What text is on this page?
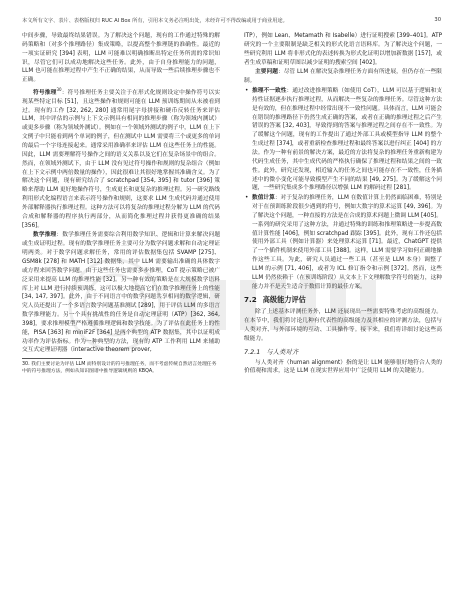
本文所有文字、表片、表格版权归 RUC AI Box 所有，引用本文务必注明出处，未经许可不得改编或用于商业用途。	30

中间步骤，导致最终结果错误。为了解决这个问题，现有的工作通过特殊的解码策略和（对多个推理路径）集成策略，以提高整个推理链的准确性。最近的一项实证研究 [394] 表明，LLM 可能难以明确推断出特定任务所需的常识知识，尽管它们可以成功地解决这些任务。此外，由于自身推理能力的问题，LLM 也可能在推理过程中产生不正确的结果，从而导致一些后续推理步骤也不正确。

符号推理$^{30}$：符号推理任务主要关注于在形式化规则设定中操作符号以实现某些特定目标 [51]，且这些操作和规则可能在 LLM 预训练期间从未被看到过。现有的工作 [32, 262, 280] 通常用尾字母拼接和硬币反转任务来评估 LLM，其中评估的示例与上下文示例具有相同的推理步骤（称为领域内测试）或更多步骤（称为领域外测试）。例如在一个领域外测试的例子中，LLM 在上下文例子中只能看到两个单词的例子，但在测试中 LLM 需要将三个或更多的单词的最后一个字母连接起来。通常采用准确率来评估 LLM 在这些任务上的性能。因此，LLM 需要理解符号操作之间的语义关系以及它们在复杂场景中的组合。然而，在领域外测试下，由于 LLM 没有见过符号操作和规则的复杂组合（例如在上下文示例中两倍数量的操作），因此很难让其很好地掌握其准确含义。为了解决这个问题，现有研究结合了 scratchpad [354, 395] 和 tutor [396] 策略来帮助 LLM 更好地操作符号，生成更长和更复杂的推理过程。另一研究路线利用形式化编程语言来表示符号操作和规则，这要求 LLM 生成代码并通过使用外部解释器执行推理过程。这种方法可以将复杂的推理过程分解为 LLM 的代码合成和解释器的程序执行两部分，从而简化推理过程并获得更准确的结果 [356]。

数学推理：数学推理任务需要综合利用数学知识、逻辑和计算来解决问题或生成证明过程。现有的数学推理任务主要可分为数学问题求解和自动定理证明两类。对于数学问题求解任务，常用的评估数据集包括 SVAMP [275]、GSM8k [278] 和 MATH [312] 数据集，其中 LLM 需要输出准确的具体数字或方程来回答数学问题。由于这些任务也需要多步推理，CoT 提示策略已被广泛采用来提高 LLM 的推理性能 [32]。另一种有效的策略是在大规模数学语料库上对 LLM 进行持续预训练，这可以极大地提高它们在数学推理任务上的性能 [34, 147, 397]。此外，由于不同语言中的数学问题共享相同的数学逻辑，研究人员还提出了一个多语言数学问题基准测试 [289]，用于评估 LLM 的多语言数学推理能力。另一个具有挑战性的任务是自动定理证明（ATP）[362, 364, 398]，要求推理模型严格遵循推理逻辑和数学技能。为了评估在此任务上的性能，PISA [363] 和 miniF2F [364] 是两个典型的 ATP 数据集，其中以证明成功率作为评估指标。作为一种典型的方法，现有的 ATP 工作利用 LLM 来辅助交互式定理证明器（interactive theorem prover,

30. 我们主要讨论为评估 LLM 而特别设计的符号推理任务，而不考虑传统自然语言处理任务中的符号推理方法，例如从知识图谱中推导逻辑规则的 KBQA。

ITP），例如 Lean、Metamath 和 Isabelle）进行证明搜索 [399–401]。ATP 研究的一个主要限制是缺乏相关的形式化语言语料库。为了解决这个问题，一些研究利用 LLM 将非形式化的表述转换为形式化证明以增加新数据 [157]，或者生成草稿和证明草图以减少证明的搜索空间 [402]。

主要问题：尽管 LLM 在解决复杂推理任务方面有所进展，但仍存在一些限制。

• 推理不一致性：通过改进推理策略（如使用 CoT），LLM 可以基于逻辑和支持性证据逐步执行推理过程，从而解决一些复杂的推理任务。尽管这种方法是有效的，但在推理过程中经常出现不一致性问题。具体而言，LLM 可能会在错误的推理路径下仍然生成正确的答案，或者在正确的推理过程之后产生错误的答案 [32, 403]，导致得到的答案与推理过程之间存在不一致性。为了缓解这个问题，现有的工作提出了通过外部工具或模型指导 LLM 的整个生成过程 [374]，或者重新检查推理过程和最终答案以进行纠正 [404] 的方法。作为一种有前景的解决方案，最近的方法将复杂的推理任务重新构建为代码生成任务，其中生成代码的严格执行确保了推理过程和结果之间的一致性。此外，研究还发现，相近输入的任务之间也可能存在不一致性，任务描述中的微小变化可能导致模型产生不同的结果 [49, 275]。为了缓解这个问题，一些研究集成多个推理路径以增强 LLM 的解码过程 [281]。
• 数值计算：对于复杂的推理任务，LLM 在数值计算上仍然面临困难，特别是对于在预训练阶段很少遇到的符号，例如大数字的算术运算 [49, 396]。为了解决这个问题，一种直接的方法是在合成的算术问题上微调 LLM [405]。一系列的研究采用了这种方法，并通过特殊的训练和推理策略进一步提高数值计算性能 [406]，例如 scratchpad 跟踪 [395]。此外，现有工作还包括使用外部工具（例如计算器）来处理算术运算 [71]。最近，ChatGPT 提供了一个插件机制来使用外部工具 [388]。这样，LLM 需要学习如何正确地操作这些工具。为此，研究人员通过一些工具（甚至是 LLM 本身）调整了 LLM 的示例 [71, 406]，或者为 ICL 修订指令和示例 [372]。然而，这些 LLM 仍然依赖于（在预训练阶段）从文本上下文理解数学符号的能力，这种能力并不是天生适合于数值计算的最佳方案。
7.2 高级能力评估

除了上述基本评测任务外，LLM 还展现出一些需要特殊考虑的高级能力。在本节中，我们将讨论几种有代表性的高级能力及其相应的评测方法，包括与人类对齐、与外部环境的互动、工具操作等。接下来，我们将详细讨论这些高级能力。

7.2.1 与人类对齐

与人类对齐（human alignment）指的是让 LLM 能够很好地符合人类的价值观和需求，这是 LLM 在现实世界应用中广泛使用 LLM 的关键能力。
